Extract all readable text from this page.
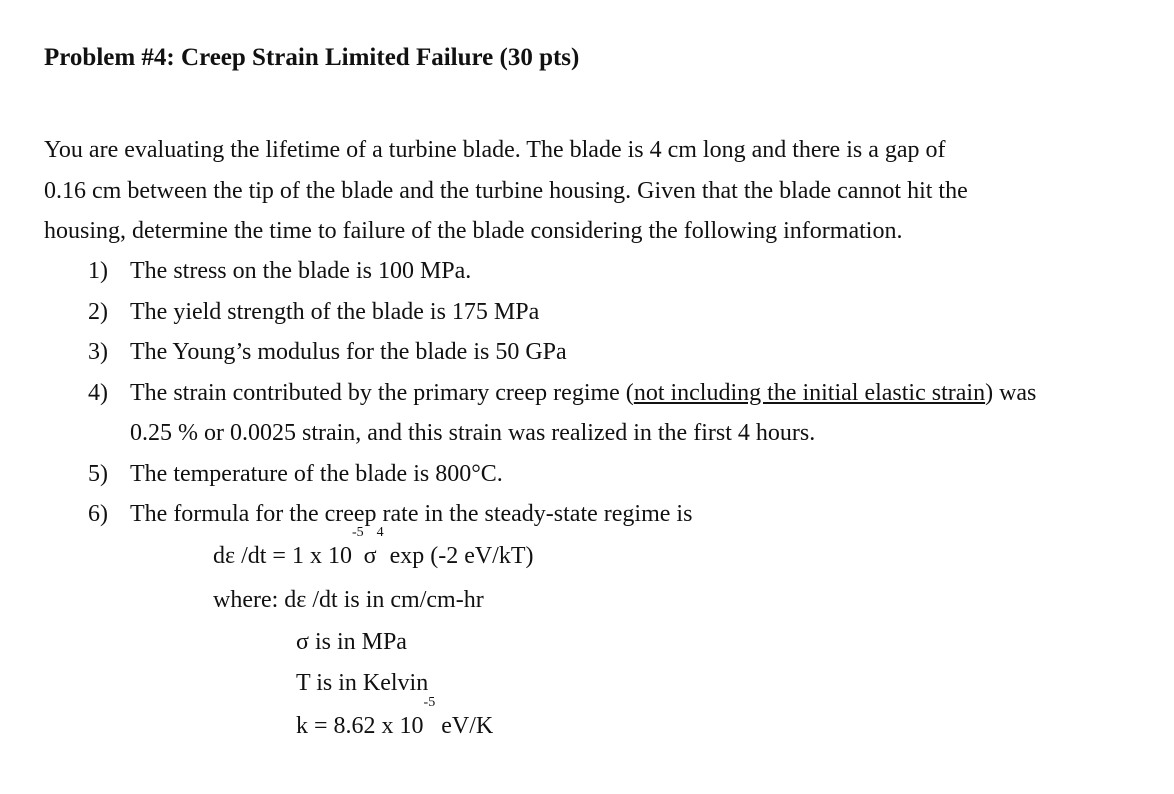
Problem #4: Creep Strain Limited Failure (30 pts)
You are evaluating the lifetime of a turbine blade. The blade is 4 cm long and there is a gap of
0.16 cm between the tip of the blade and the turbine housing. Given that the blade cannot hit the
housing, determine the time to failure of the blade considering the following information.
1) The stress on the blade is 100 MPa.
2) The yield strength of the blade is 175 MPa
3) The Young’s modulus for the blade is 50 GPa
4) The strain contributed by the primary creep regime (not including the initial elastic strain) was
0.25 % or 0.0025 strain, and this strain was realized in the first 4 hours.
5) The temperature of the blade is 800°C.
6) The formula for the creep rate in the steady-state regime is
dε /dt = 1 x $10^{-5}\sigma^4$ exp (-2 eV/kT)
where: dε /dt is in cm/cm-hr
σ is in MPa
T is in Kelvin
k = 8.62 x $10^{-5}$ eV/K
